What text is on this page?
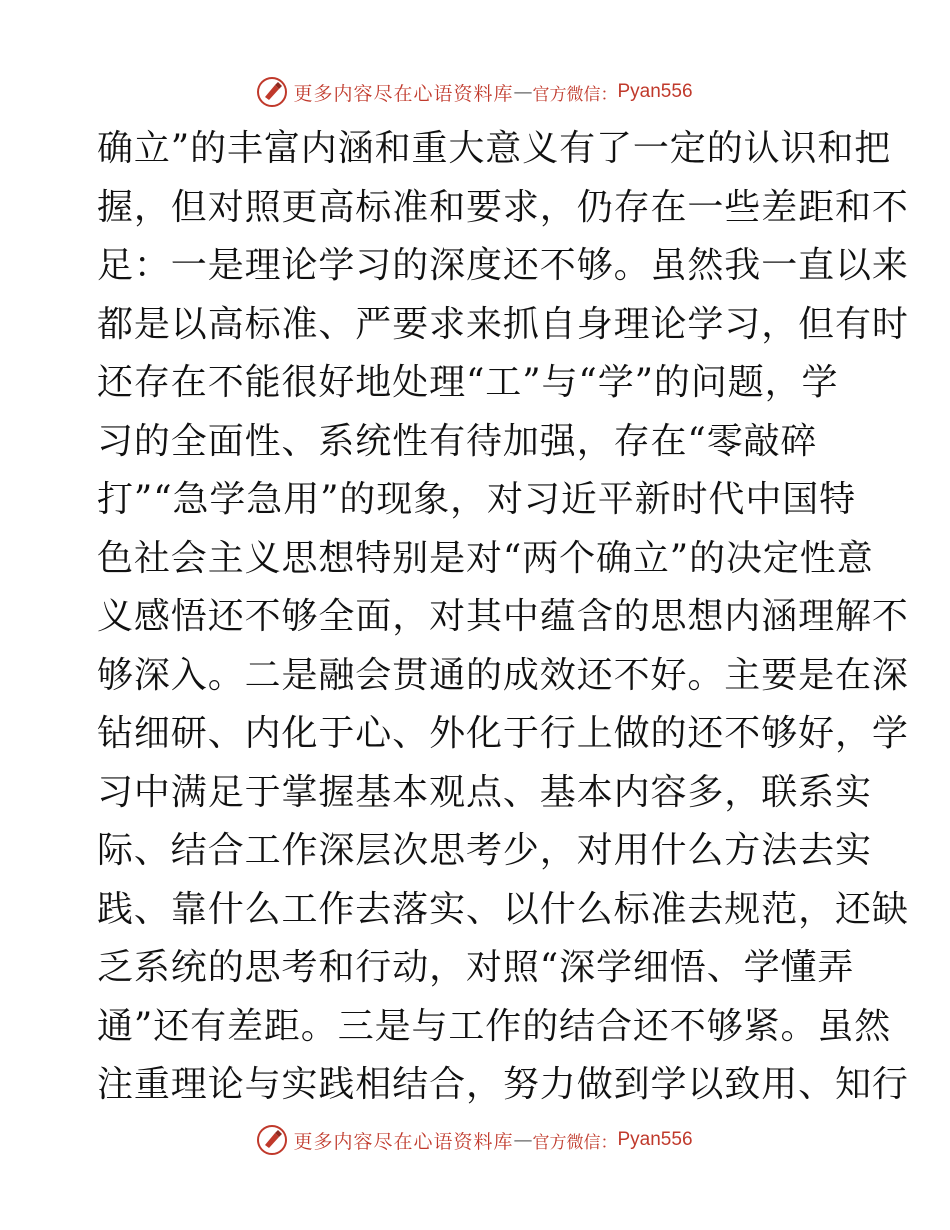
更多内容尽在心语资料库 — 官方微信： Pyan556
确立”的丰富内涵和重大意义有了一定的认识和把
握，但对照更高标准和要求，仍存在一些差距和不
足：一是理论学习的深度还不够。虽然我一直以来
都是以高标准、严要求来抓自身理论学习，但有时
还存在不能很好地处理“工”与“学”的问题，学
习的全面性、系统性有待加强，存在“零敲碎
打”“急学急用”的现象，对习近平新时代中国特
色社会主义思想特别是对“两个确立”的决定性意
义感悟还不够全面，对其中蕴含的思想内涵理解不
够深入。二是融会贯通的成效还不好。主要是在深
钻细研、内化于心、外化于行上做的还不够好，学
习中满足于掌握基本观点、基本内容多，联系实
际、结合工作深层次思考少，对用什么方法去实
践、靠什么工作去落实、以什么标准去规范，还缺
乏系统的思考和行动，对照“深学细悟、学懂弄
通”还有差距。三是与工作的结合还不够紧。虽然
注重理论与实践相结合，努力做到学以致用、知行
更多内容尽在心语资料库 — 官方微信： Pyan556
